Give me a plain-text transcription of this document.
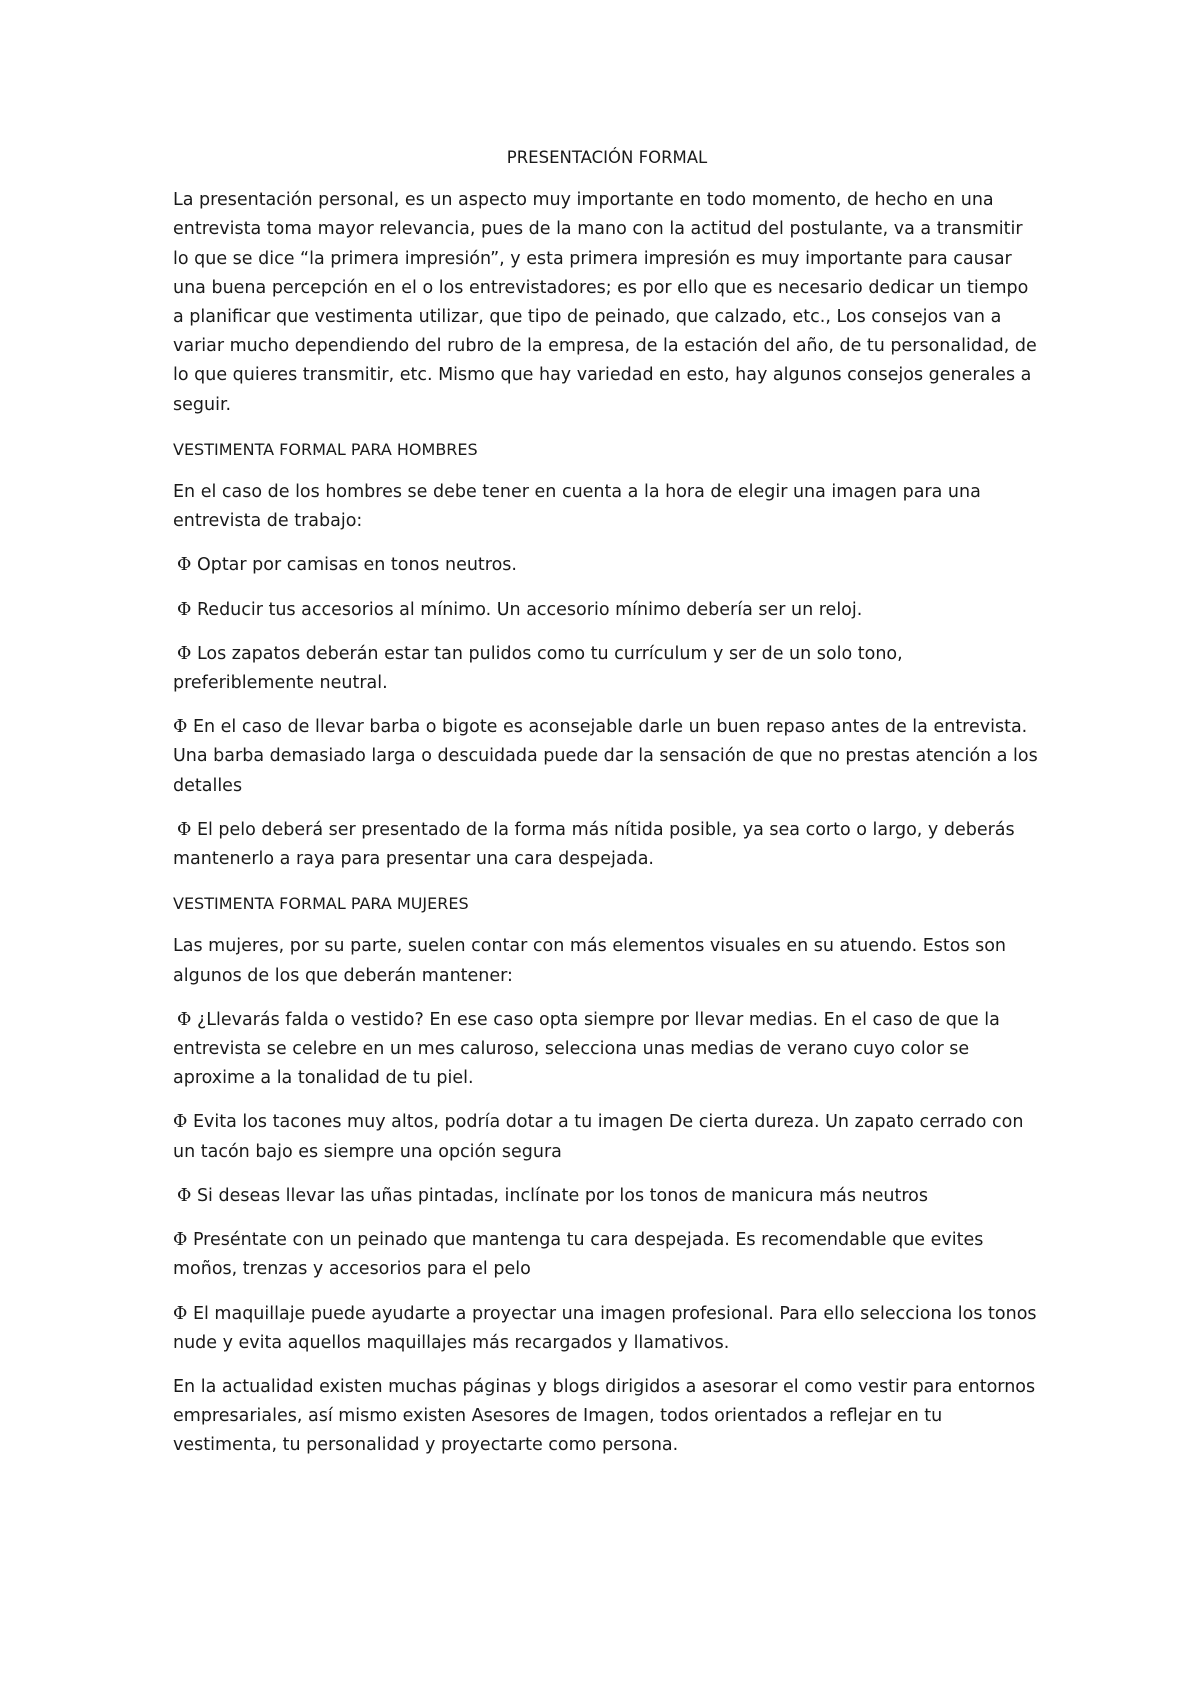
PRESENTACIÓN FORMAL

La presentación personal, es un aspecto muy importante en todo momento, de hecho en una entrevista toma mayor relevancia, pues de la mano con la actitud del postulante, va a transmitir lo que se dice “la primera impresión”, y esta primera impresión es muy importante para causar una buena percepción en el o los entrevistadores; es por ello que es necesario dedicar un tiempo a planificar que vestimenta utilizar, que tipo de peinado, que calzado, etc., Los consejos van a variar mucho dependiendo del rubro de la empresa, de la estación del año, de tu personalidad, de lo que quieres transmitir, etc. Mismo que hay variedad en esto, hay algunos consejos generales a seguir.

VESTIMENTA FORMAL PARA HOMBRES

En el caso de los hombres se debe tener en cuenta a la hora de elegir una imagen para una entrevista de trabajo:

Φ Optar por camisas en tonos neutros.
Φ Reducir tus accesorios al mínimo. Un accesorio mínimo debería ser un reloj.
Φ Los zapatos deberán estar tan pulidos como tu currículum y ser de un solo tono, preferiblemente neutral.
Φ En el caso de llevar barba o bigote es aconsejable darle un buen repaso antes de la entrevista. Una barba demasiado larga o descuidada puede dar la sensación de que no prestas atención a los detalles
Φ El pelo deberá ser presentado de la forma más nítida posible, ya sea corto o largo, y deberás mantenerlo a raya para presentar una cara despejada.
VESTIMENTA FORMAL PARA MUJERES

Las mujeres, por su parte, suelen contar con más elementos visuales en su atuendo. Estos son algunos de los que deberán mantener:

Φ ¿Llevarás falda o vestido? En ese caso opta siempre por llevar medias. En el caso de que la entrevista se celebre en un mes caluroso, selecciona unas medias de verano cuyo color se aproxime a la tonalidad de tu piel.
Φ Evita los tacones muy altos, podría dotar a tu imagen De cierta dureza. Un zapato cerrado con un tacón bajo es siempre una opción segura
Φ Si deseas llevar las uñas pintadas, inclínate por los tonos de manicura más neutros
Φ Preséntate con un peinado que mantenga tu cara despejada. Es recomendable que evites moños, trenzas y accesorios para el pelo
Φ El maquillaje puede ayudarte a proyectar una imagen profesional. Para ello selecciona los tonos nude y evita aquellos maquillajes más recargados y llamativos.

En la actualidad existen muchas páginas y blogs dirigidos a asesorar el como vestir para entornos empresariales, así mismo existen Asesores de Imagen, todos orientados a reflejar en tu vestimenta, tu personalidad y proyectarte como persona.
